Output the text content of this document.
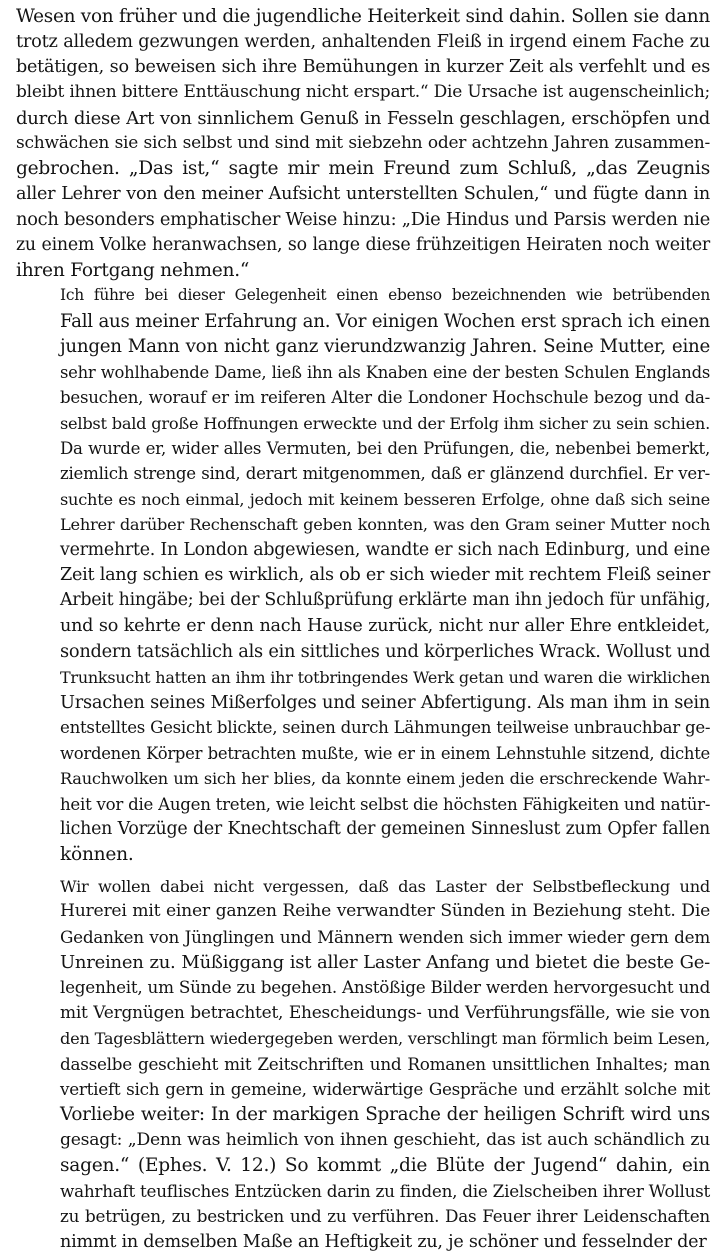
Wesen von früher und die jugendliche Heiterkeit sind dahin. Sollen sie dann
trotz alledem gezwungen werden, anhaltenden Fleiß in irgend einem Fache zu
betätigen, so beweisen sich ihre Bemühungen in kurzer Zeit als verfehlt und es
bleibt ihnen bittere Enttäuschung nicht erspart.“ Die Ursache ist augenscheinlich;
durch diese Art von sinnlichem Genuß in Fesseln geschlagen, erschöpfen und
schwächen sie sich selbst und sind mit siebzehn oder achtzehn Jahren zusammen-
gebrochen. „Das ist,“ sagte mir mein Freund zum Schluß, „das Zeugnis
aller Lehrer von den meiner Aufsicht unterstellten Schulen,“ und fügte dann in
noch besonders emphatischer Weise hinzu: „Die Hindus und Parsis werden nie
zu einem Volke heranwachsen, so lange diese frühzeitigen Heiraten noch weiter
ihren Fortgang nehmen.“
Ich führe bei dieser Gelegenheit einen ebenso bezeichnenden wie betrübenden
Fall aus meiner Erfahrung an. Vor einigen Wochen erst sprach ich einen
jungen Mann von nicht ganz vierundzwanzig Jahren. Seine Mutter, eine
sehr wohlhabende Dame, ließ ihn als Knaben eine der besten Schulen Englands
besuchen, worauf er im reiferen Alter die Londoner Hochschule bezog und da-
selbst bald große Hoffnungen erweckte und der Erfolg ihm sicher zu sein schien.
Da wurde er, wider alles Vermuten, bei den Prüfungen, die, nebenbei bemerkt,
ziemlich strenge sind, derart mitgenommen, daß er glänzend durchfiel. Er ver-
suchte es noch einmal, jedoch mit keinem besseren Erfolge, ohne daß sich seine
Lehrer darüber Rechenschaft geben konnten, was den Gram seiner Mutter noch
vermehrte. In London abgewiesen, wandte er sich nach Edinburg, und eine
Zeit lang schien es wirklich, als ob er sich wieder mit rechtem Fleiß seiner
Arbeit hingäbe; bei der Schlußprüfung erklärte man ihn jedoch für unfähig,
und so kehrte er denn nach Hause zurück, nicht nur aller Ehre entkleidet,
sondern tatsächlich als ein sittliches und körperliches Wrack. Wollust und
Trunksucht hatten an ihm ihr totbringendes Werk getan und waren die wirklichen
Ursachen seines Mißerfolges und seiner Abfertigung. Als man ihm in sein
entstelltes Gesicht blickte, seinen durch Lähmungen teilweise unbrauchbar ge-
wordenen Körper betrachten mußte, wie er in einem Lehnstuhle sitzend, dichte
Rauchwolken um sich her blies, da konnte einem jeden die erschreckende Wahr-
heit vor die Augen treten, wie leicht selbst die höchsten Fähigkeiten und natür-
lichen Vorzüge der Knechtschaft der gemeinen Sinneslust zum Opfer fallen
können.
Wir wollen dabei nicht vergessen, daß das Laster der Selbstbefleckung und
Hurerei mit einer ganzen Reihe verwandter Sünden in Beziehung steht. Die
Gedanken von Jünglingen und Männern wenden sich immer wieder gern dem
Unreinen zu. Müßiggang ist aller Laster Anfang und bietet die beste Ge-
legenheit, um Sünde zu begehen. Anstößige Bilder werden hervorgesucht und
mit Vergnügen betrachtet, Ehescheidungs- und Verführungsfälle, wie sie von
den Tagesblättern wiedergegeben werden, verschlingt man förmlich beim Lesen,
dasselbe geschieht mit Zeitschriften und Romanen unsittlichen Inhaltes; man
vertieft sich gern in gemeine, widerwärtige Gespräche und erzählt solche mit
Vorliebe weiter: In der markigen Sprache der heiligen Schrift wird uns
gesagt: „Denn was heimlich von ihnen geschieht, das ist auch schändlich zu
sagen.“ (Ephes. V. 12.) So kommt „die Blüte der Jugend“ dahin, ein
wahrhaft teuflisches Entzücken darin zu finden, die Zielscheiben ihrer Wollust
zu betrügen, zu bestricken und zu verführen. Das Feuer ihrer Leidenschaften
nimmt in demselben Maße an Heftigkeit zu, je schöner und fesselnder der
